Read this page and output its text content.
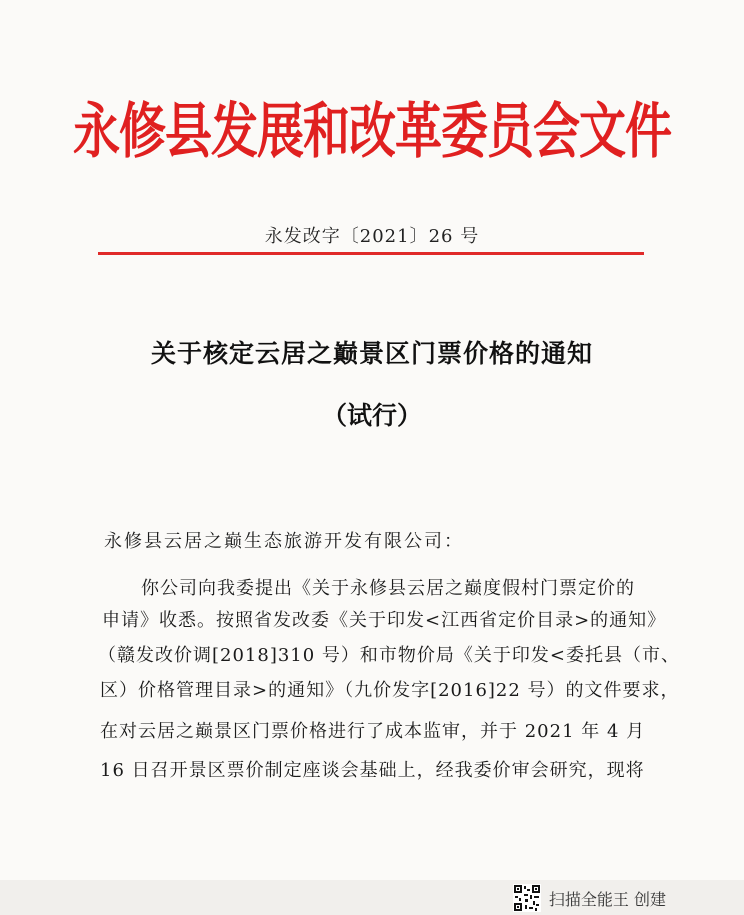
永修县发展和改革委员会文件
永发改字〔2021〕26 号
关于核定云居之巅景区门票价格的通知
（试行）
永修县云居之巅生态旅游开发有限公司：
你公司向我委提出《关于永修县云居之巅度假村门票定价的
申请》收悉。按照省发改委《关于印发<江西省定价目录>的通知》
（赣发改价调[2018]310 号）和市物价局《关于印发<委托县（市、
区）价格管理目录>的通知》（九价发字[2016]22 号）的文件要求，
在对云居之巅景区门票价格进行了成本监审，并于 2021 年 4 月
16 日召开景区票价制定座谈会基础上，经我委价审会研究，现将
扫描全能王 创建
